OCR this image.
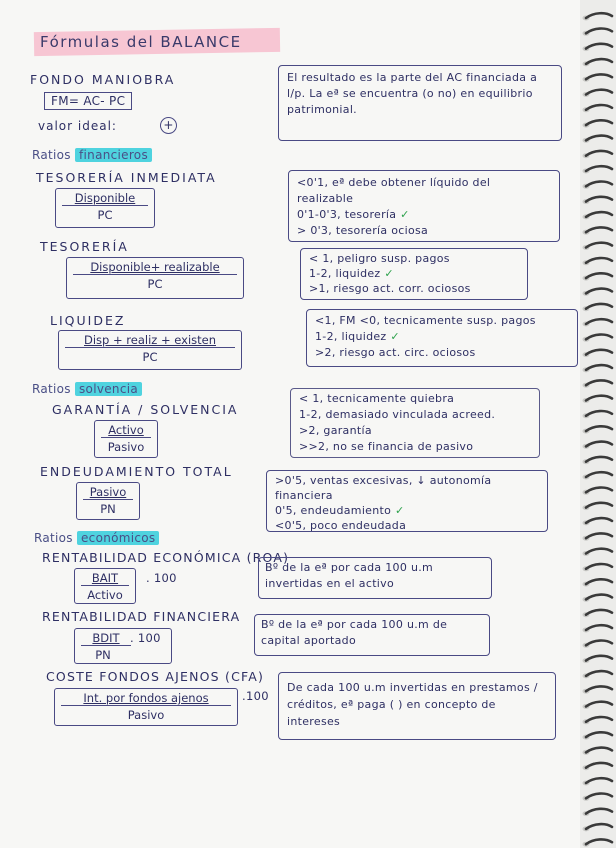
Fórmulas del BALANCE
FONDO MANIOBRA
FM= AC- PC
valor ideal:	+
El resultado es la parte del AC financiada a l/p. La eª se encuentra (o no) en equilibrio patrimonial.
Ratios financieros
TESORERÍA INMEDIATA
Disponible
PC
<0'1, eª debe obtener líquido del realizable
0'1-0'3, tesorería ✓
> 0'3, tesorería ociosa
TESORERÍA
Disponible+ realizable
PC
< 1, peligro susp. pagos
1-2, liquidez ✓
>1, riesgo act. corr. ociosos
LIQUIDEZ
Disp + realiz + existen
PC
<1, FM <0, tecnicamente susp. pagos
1-2, liquidez ✓
>2, riesgo act. circ. ociosos
Ratios solvencia
GARANTÍA / SOLVENCIA
Activo
Pasivo
< 1, tecnicamente quiebra
1-2, demasiado vinculada acreed.
>2, garantía
>>2, no se financia de pasivo
ENDEUDAMIENTO TOTAL
Pasivo
PN
>0'5, ventas excesivas, ↓ autonomía financiera
0'5, endeudamiento ✓
<0'5, poco endeudada
Ratios económicos
RENTABILIDAD ECONÓMICA (ROA)
BAIT
Activo
. 100
Bº de la eª por cada 100 u.m invertidas en el activo
RENTABILIDAD FINANCIERA
BDIT
PN
. 100
Bº de la eª por cada 100 u.m de capital aportado
COSTE FONDOS AJENOS (CFA)
Int. por fondos ajenos
Pasivo
.100
De cada 100 u.m invertidas en prestamos / créditos, eª paga ( ) en concepto de intereses
